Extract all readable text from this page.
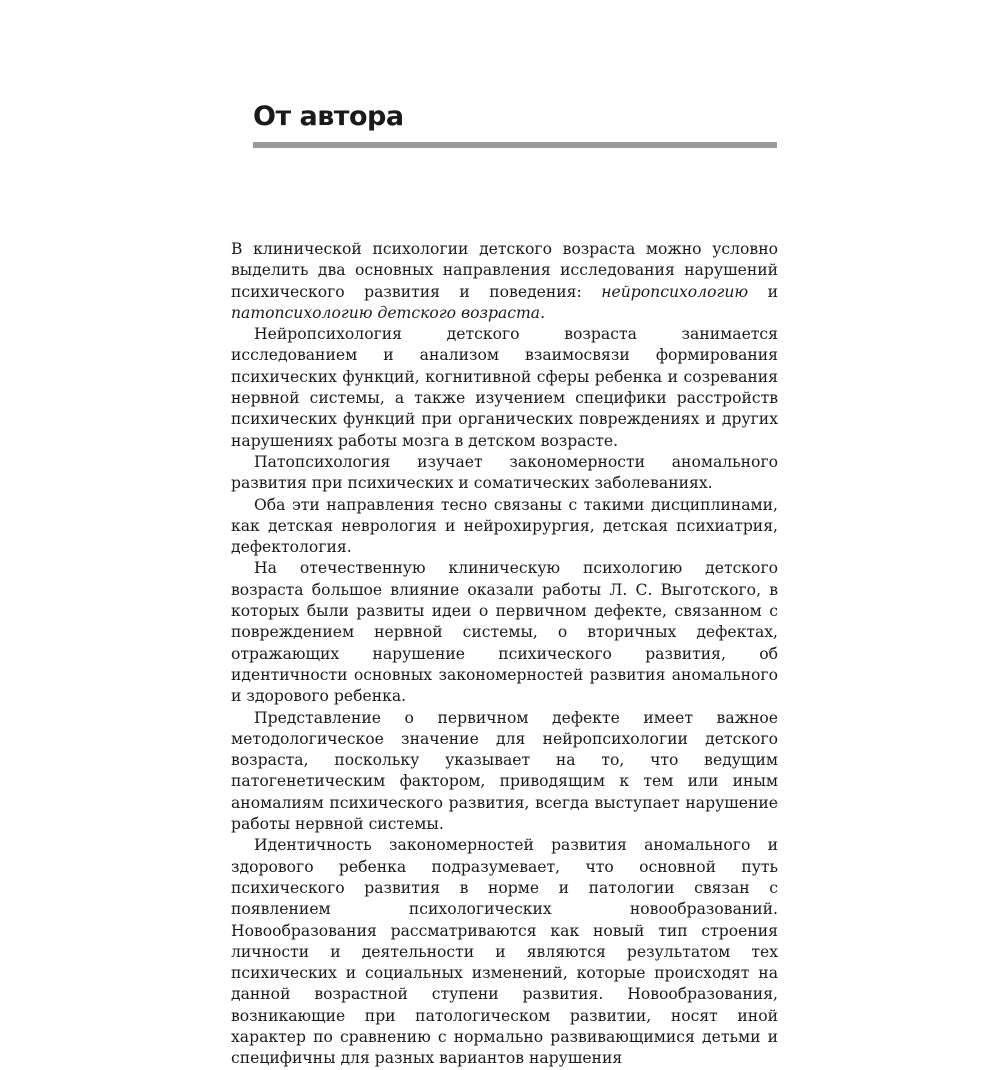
От автора

В клинической психологии детского возраста можно условно выделить два основных направления исследования нарушений психического развития и поведения: нейропсихологию и патопсихологию детского возраста.

Нейропсихология детского возраста занимается исследованием и анализом взаимосвязи формирования психических функций, когнитивной сферы ребенка и созревания нервной системы, а также изучением специфики расстройств психических функций при органических повреждениях и других нарушениях работы мозга в детском возрасте.

Патопсихология изучает закономерности аномального развития при психических и соматических заболеваниях.

Оба эти направления тесно связаны с такими дисциплинами, как детская неврология и нейрохирургия, детская психиатрия, дефектология.

На отечественную клиническую психологию детского возраста большое влияние оказали работы Л. С. Выготского, в которых были развиты идеи о первичном дефекте, связанном с повреждением нервной системы, о вторичных дефектах, отражающих нарушение психического развития, об идентичности основных закономерностей развития аномального и здорового ребенка.

Представление о первичном дефекте имеет важное методологическое значение для нейропсихологии детского возраста, поскольку указывает на то, что ведущим патогенетическим фактором, приводящим к тем или иным аномалиям психического развития, всегда выступает нарушение работы нервной системы.

Идентичность закономерностей развития аномального и здорового ребенка подразумевает, что основной путь психического развития в норме и патологии связан с появлением психологических новообразований. Новообразования рассматриваются как новый тип строения личности и деятельности и являются результатом тех психических и социальных изменений, которые происходят на данной возрастной ступени развития. Новообразования, возникающие при патологическом развитии, носят иной характер по сравнению с нормально развивающимися детьми и специфичны для разных вариантов нарушения
